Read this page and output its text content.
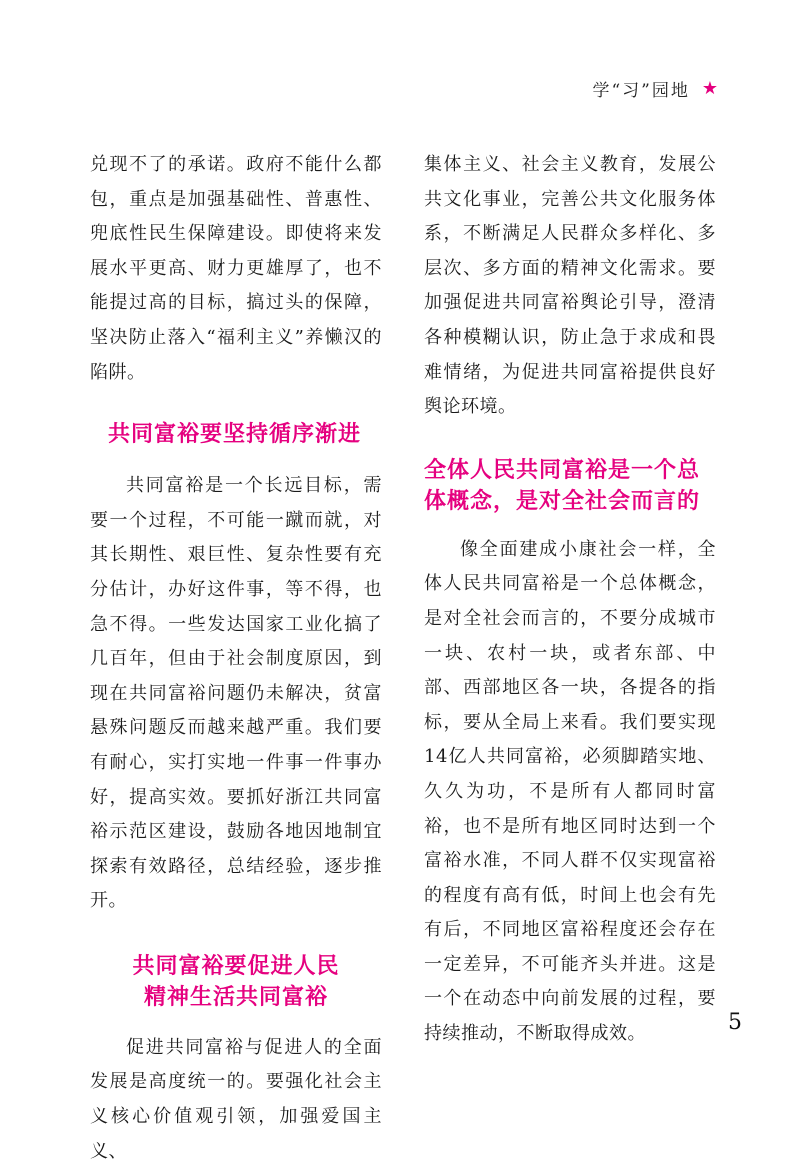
学“习”园地 ★

兑现不了的承诺。政府不能什么都包，重点是加强基础性、普惠性、兜底性民生保障建设。即使将来发展水平更高、财力更雄厚了，也不能提过高的目标，搞过头的保障，坚决防止落入“福利主义”养懒汉的陷阱。

共同富裕要坚持循序渐进

共同富裕是一个长远目标，需要一个过程，不可能一蹴而就，对其长期性、艰巨性、复杂性要有充分估计，办好这件事，等不得，也急不得。一些发达国家工业化搞了几百年，但由于社会制度原因，到现在共同富裕问题仍未解决，贫富悬殊问题反而越来越严重。我们要有耐心，实打实地一件事一件事办好，提高实效。要抓好浙江共同富裕示范区建设，鼓励各地因地制宜探索有效路径，总结经验，逐步推开。

共同富裕要促进人民
精神生活共同富裕

促进共同富裕与促进人的全面发展是高度统一的。要强化社会主义核心价值观引领，加强爱国主义、

集体主义、社会主义教育，发展公共文化事业，完善公共文化服务体系，不断满足人民群众多样化、多层次、多方面的精神文化需求。要加强促进共同富裕舆论引导，澄清各种模糊认识，防止急于求成和畏难情绪，为促进共同富裕提供良好舆论环境。

全体人民共同富裕是一个总
体概念，是对全社会而言的

像全面建成小康社会一样，全体人民共同富裕是一个总体概念，是对全社会而言的，不要分成城市一块、农村一块，或者东部、中部、西部地区各一块，各提各的指标，要从全局上来看。我们要实现14亿人共同富裕，必须脚踏实地、久久为功，不是所有人都同时富裕，也不是所有地区同时达到一个富裕水准，不同人群不仅实现富裕的程度有高有低，时间上也会有先有后，不同地区富裕程度还会存在一定差异，不可能齐头并进。这是一个在动态中向前发展的过程，要持续推动，不断取得成效。	5
